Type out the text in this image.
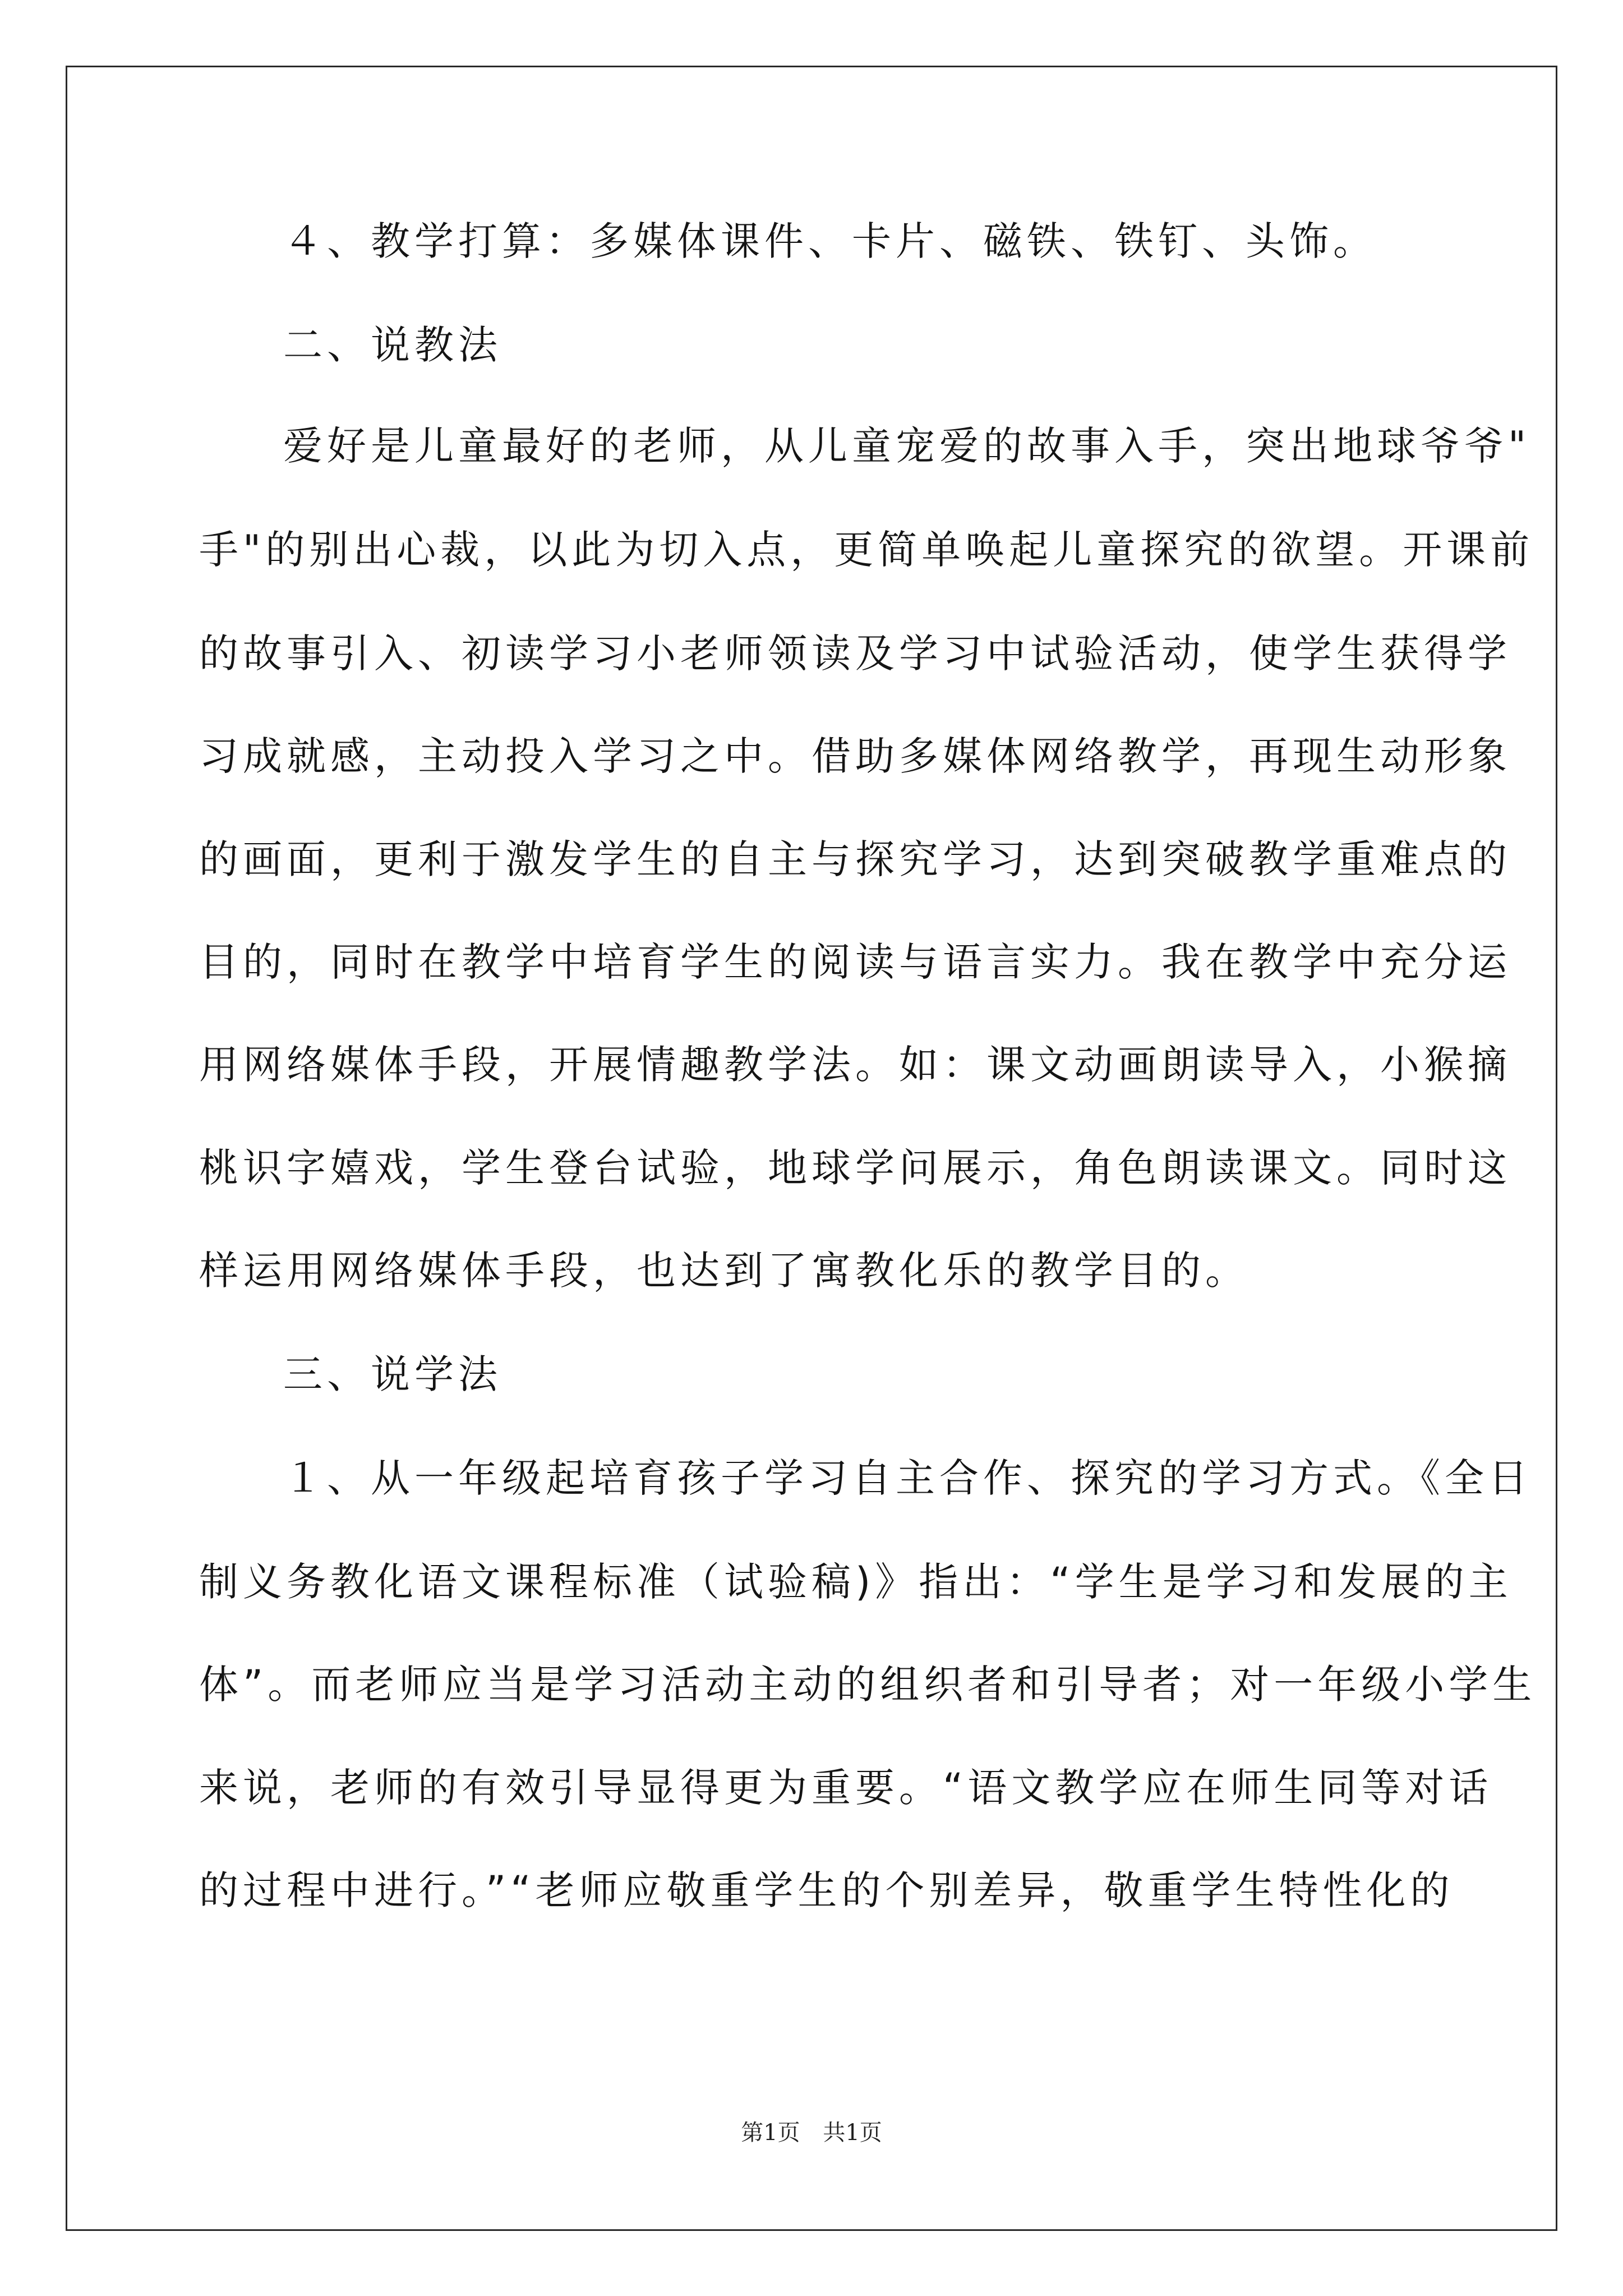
４、教学打算：多媒体课件、卡片、磁铁、铁钉、头饰。
二、说教法
爱好是儿童最好的老师，从儿童宠爱的故事入手，突出地球爷爷"
手"的别出心裁，以此为切入点，更简单唤起儿童探究的欲望。开课前
的故事引入、初读学习小老师领读及学习中试验活动，使学生获得学
习成就感，主动投入学习之中。借助多媒体网络教学，再现生动形象
的画面，更利于激发学生的自主与探究学习，达到突破教学重难点的
目的，同时在教学中培育学生的阅读与语言实力。我在教学中充分运
用网络媒体手段，开展情趣教学法。如：课文动画朗读导入，小猴摘
桃识字嬉戏，学生登台试验，地球学问展示，角色朗读课文。同时这
样运用网络媒体手段，也达到了寓教化乐的教学目的。
三、说学法
１、从一年级起培育孩子学习自主合作、探究的学习方式。《全日
制义务教化语文课程标准（试验稿)》指出：“学生是学习和发展的主
体”。而老师应当是学习活动主动的组织者和引导者；对一年级小学生
来说，老师的有效引导显得更为重要。“语文教学应在师生同等对话
的过程中进行。”“老师应敬重学生的个别差异，敬重学生特性化的
第1页 共1页
